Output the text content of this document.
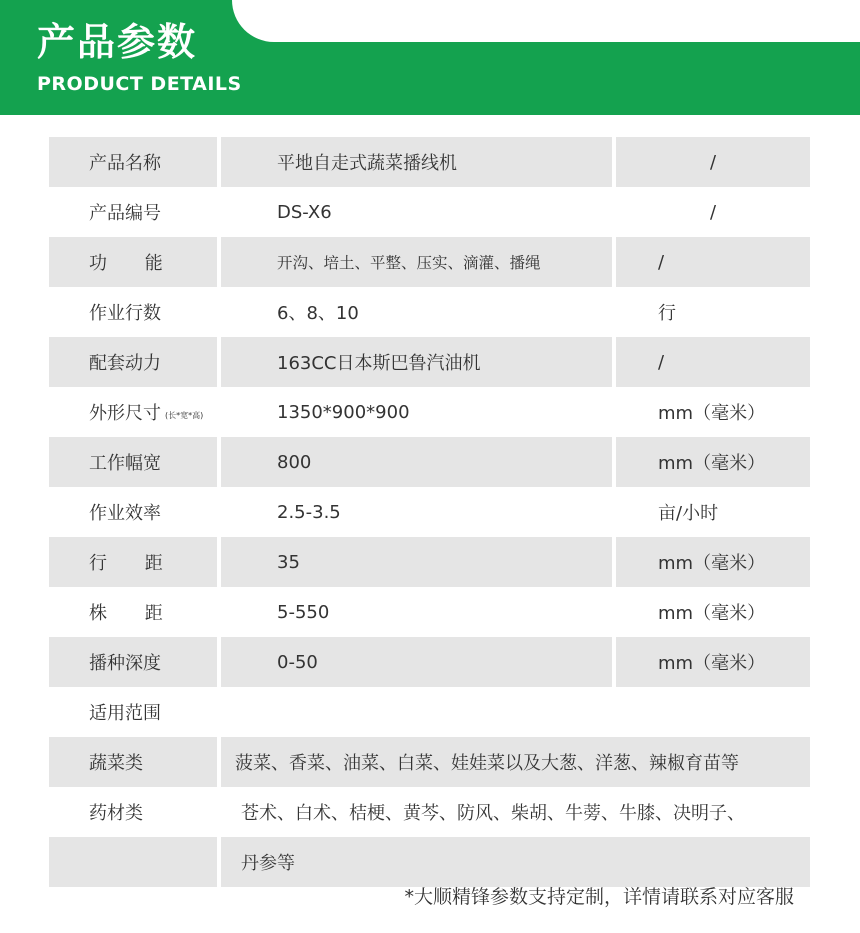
产品参数
PRODUCT DETAILS
产品名称	平地自走式蔬菜播线机	/
产品编号	DS-X6	/
功 能	开沟、培土、平整、压实、滴灌、播绳	/
作业行数	6、8、10	行
配套动力	163CC日本斯巴鲁汽油机	/
外形尺寸 (长*宽*高)	1350*900*900	mm（毫米）
工作幅宽	800	mm（毫米）
作业效率	2.5-3.5	亩/小时
行 距	35	mm（毫米）
株 距	5-550	mm（毫米）
播种深度	0-50	mm（毫米）
适用范围
蔬菜类	菠菜、香菜、油菜、白菜、娃娃菜以及大葱、洋葱、辣椒育苗等
药材类	苍术、白术、桔梗、黄芩、防风、柴胡、牛蒡、牛膝、决明子、
丹参等
*大顺精锋参数支持定制，详情请联系对应客服
